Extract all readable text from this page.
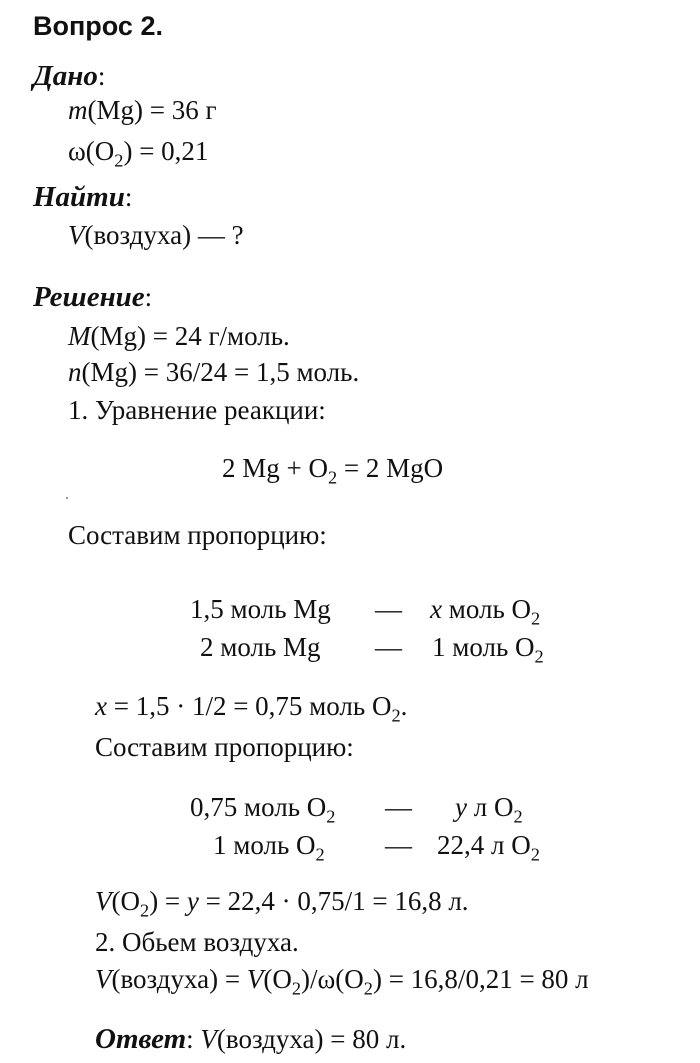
Вопрос 2.
Дано:
m(Mg) = 36 г
$\omega(O_2) = 0,21$
Найти:
V(воздуха) — ?
Решение:
M(Mg) = 24 г/моль.
n(Mg) = 36/24 = 1,5 моль.
1. Уравнение реакции:
2 $Mg + O_2 = 2$ MgO
Составим пропорцию:
1,5 моль Mg — x моль $O_2$
2 моль Mg — 1 моль $O_2$
x = 1,5 · 1/2 = 0,75 моль $O_2$.
Составим пропорцию:
0,75 моль $O_2$ — y л $O_2$
1 моль $O_2$ — 22,4 л $O_2$
$V(O_2) = y = 22,4 \cdot 0,75/1 = 16,8$ л.
2. Обьем воздуха.
V(воздуха) = $V(O_2)/\omega(O_2) = 16,8/0,21 = 80$ л
Ответ: V(воздуха) = 80 л.
